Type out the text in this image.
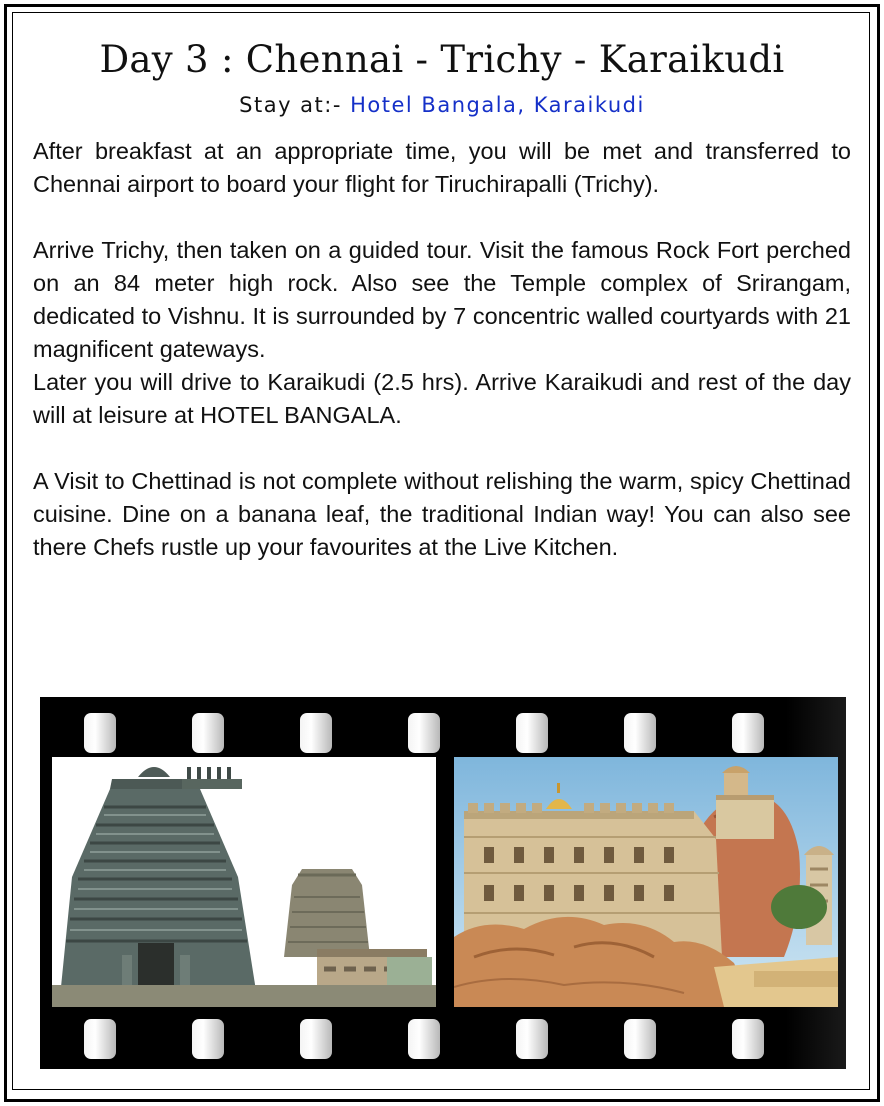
Day 3 : Chennai - Trichy - Karaikudi
Stay at:- Hotel Bangala, Karaikudi

After breakfast at an appropriate time, you will be met and transferred to Chennai airport to board your flight for Tiruchirapalli (Trichy).

Arrive Trichy, then taken on a guided tour. Visit the famous Rock Fort perched on an 84 meter high rock. Also see the Temple complex of Srirangam, dedicated to Vishnu. It is surrounded by 7 concentric walled courtyards with 21 magnificent gateways.

Later you will drive to Karaikudi (2.5 hrs). Arrive Karaikudi and rest of the day will at leisure at HOTEL BANGALA.

A Visit to Chettinad is not complete without relishing the warm, spicy Chettinad cuisine. Dine on a banana leaf, the traditional Indian way! You can also see there Chefs rustle up your favourites at the Live Kitchen.
